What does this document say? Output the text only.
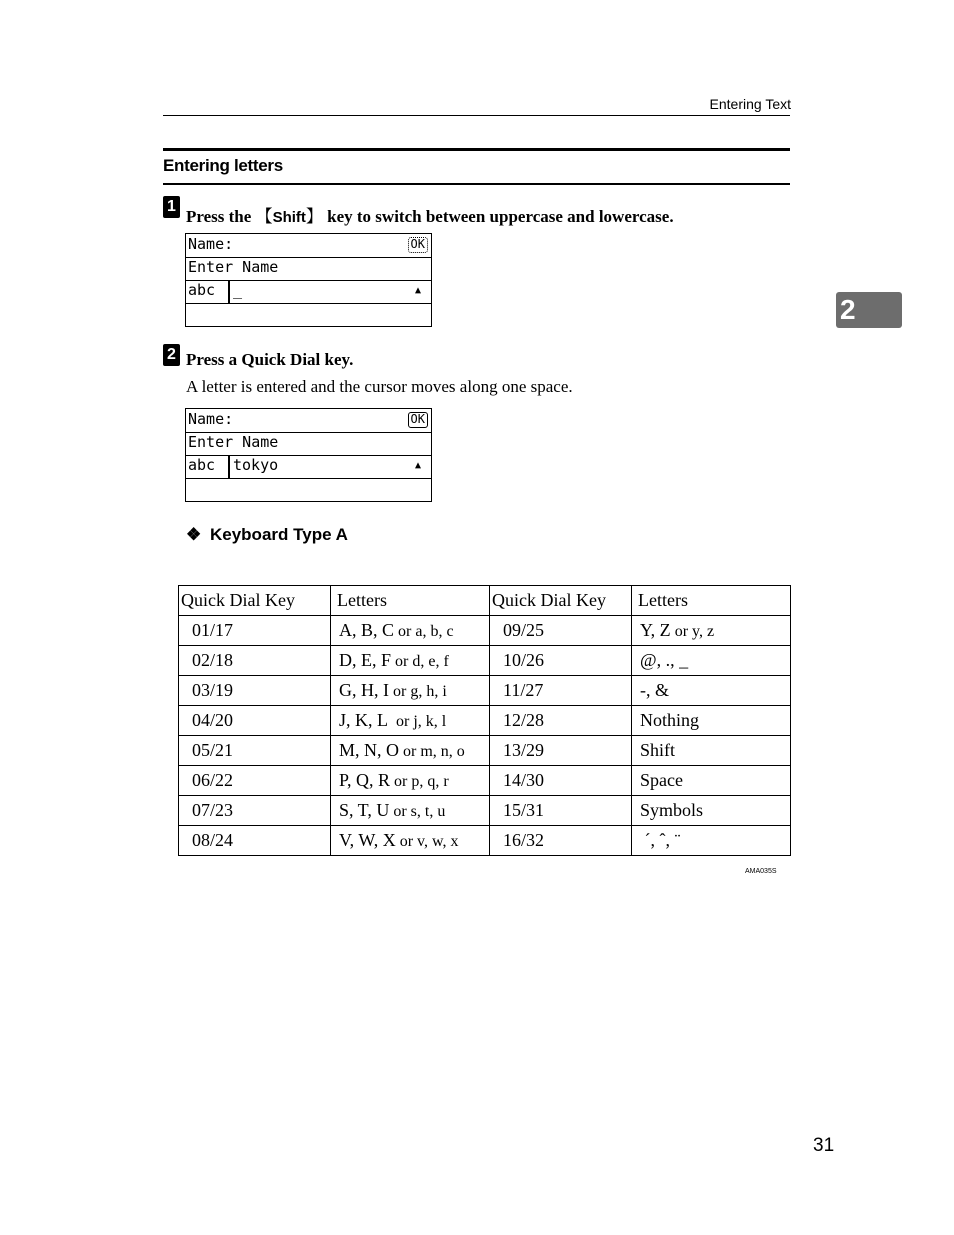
Entering Text
Entering letters
2
1
Press the 【Shift】 key to switch between uppercase and lowercase.
Name:	OK
Enter Name
abc _	▲
2 Press a Quick Dial key.
A letter is entered and the cursor moves along one space.
Name:	OK
Enter Name
abc tokyo	▲
❖ Keyboard Type A
Quick Dial Key	Letters	Quick Dial Key	Letters
01/17	A, B, C or a, b, c	09/25	Y, Z or y, z
02/18	D, E, F or d, e, f	10/26	@, ., _
03/19	G, H, I or g, h, i	11/27	-, &
04/20	J, K, L  or j, k, l	12/28	Nothing
05/21	M, N, O or m, n, o	13/29	Shift
06/22	P, Q, R or p, q, r	14/30	Space
07/23	S, T, U or s, t, u	15/31	Symbols
08/24	V, W, X or v, w, x	16/32	´, ˆ, ¨
AMA035S
31
